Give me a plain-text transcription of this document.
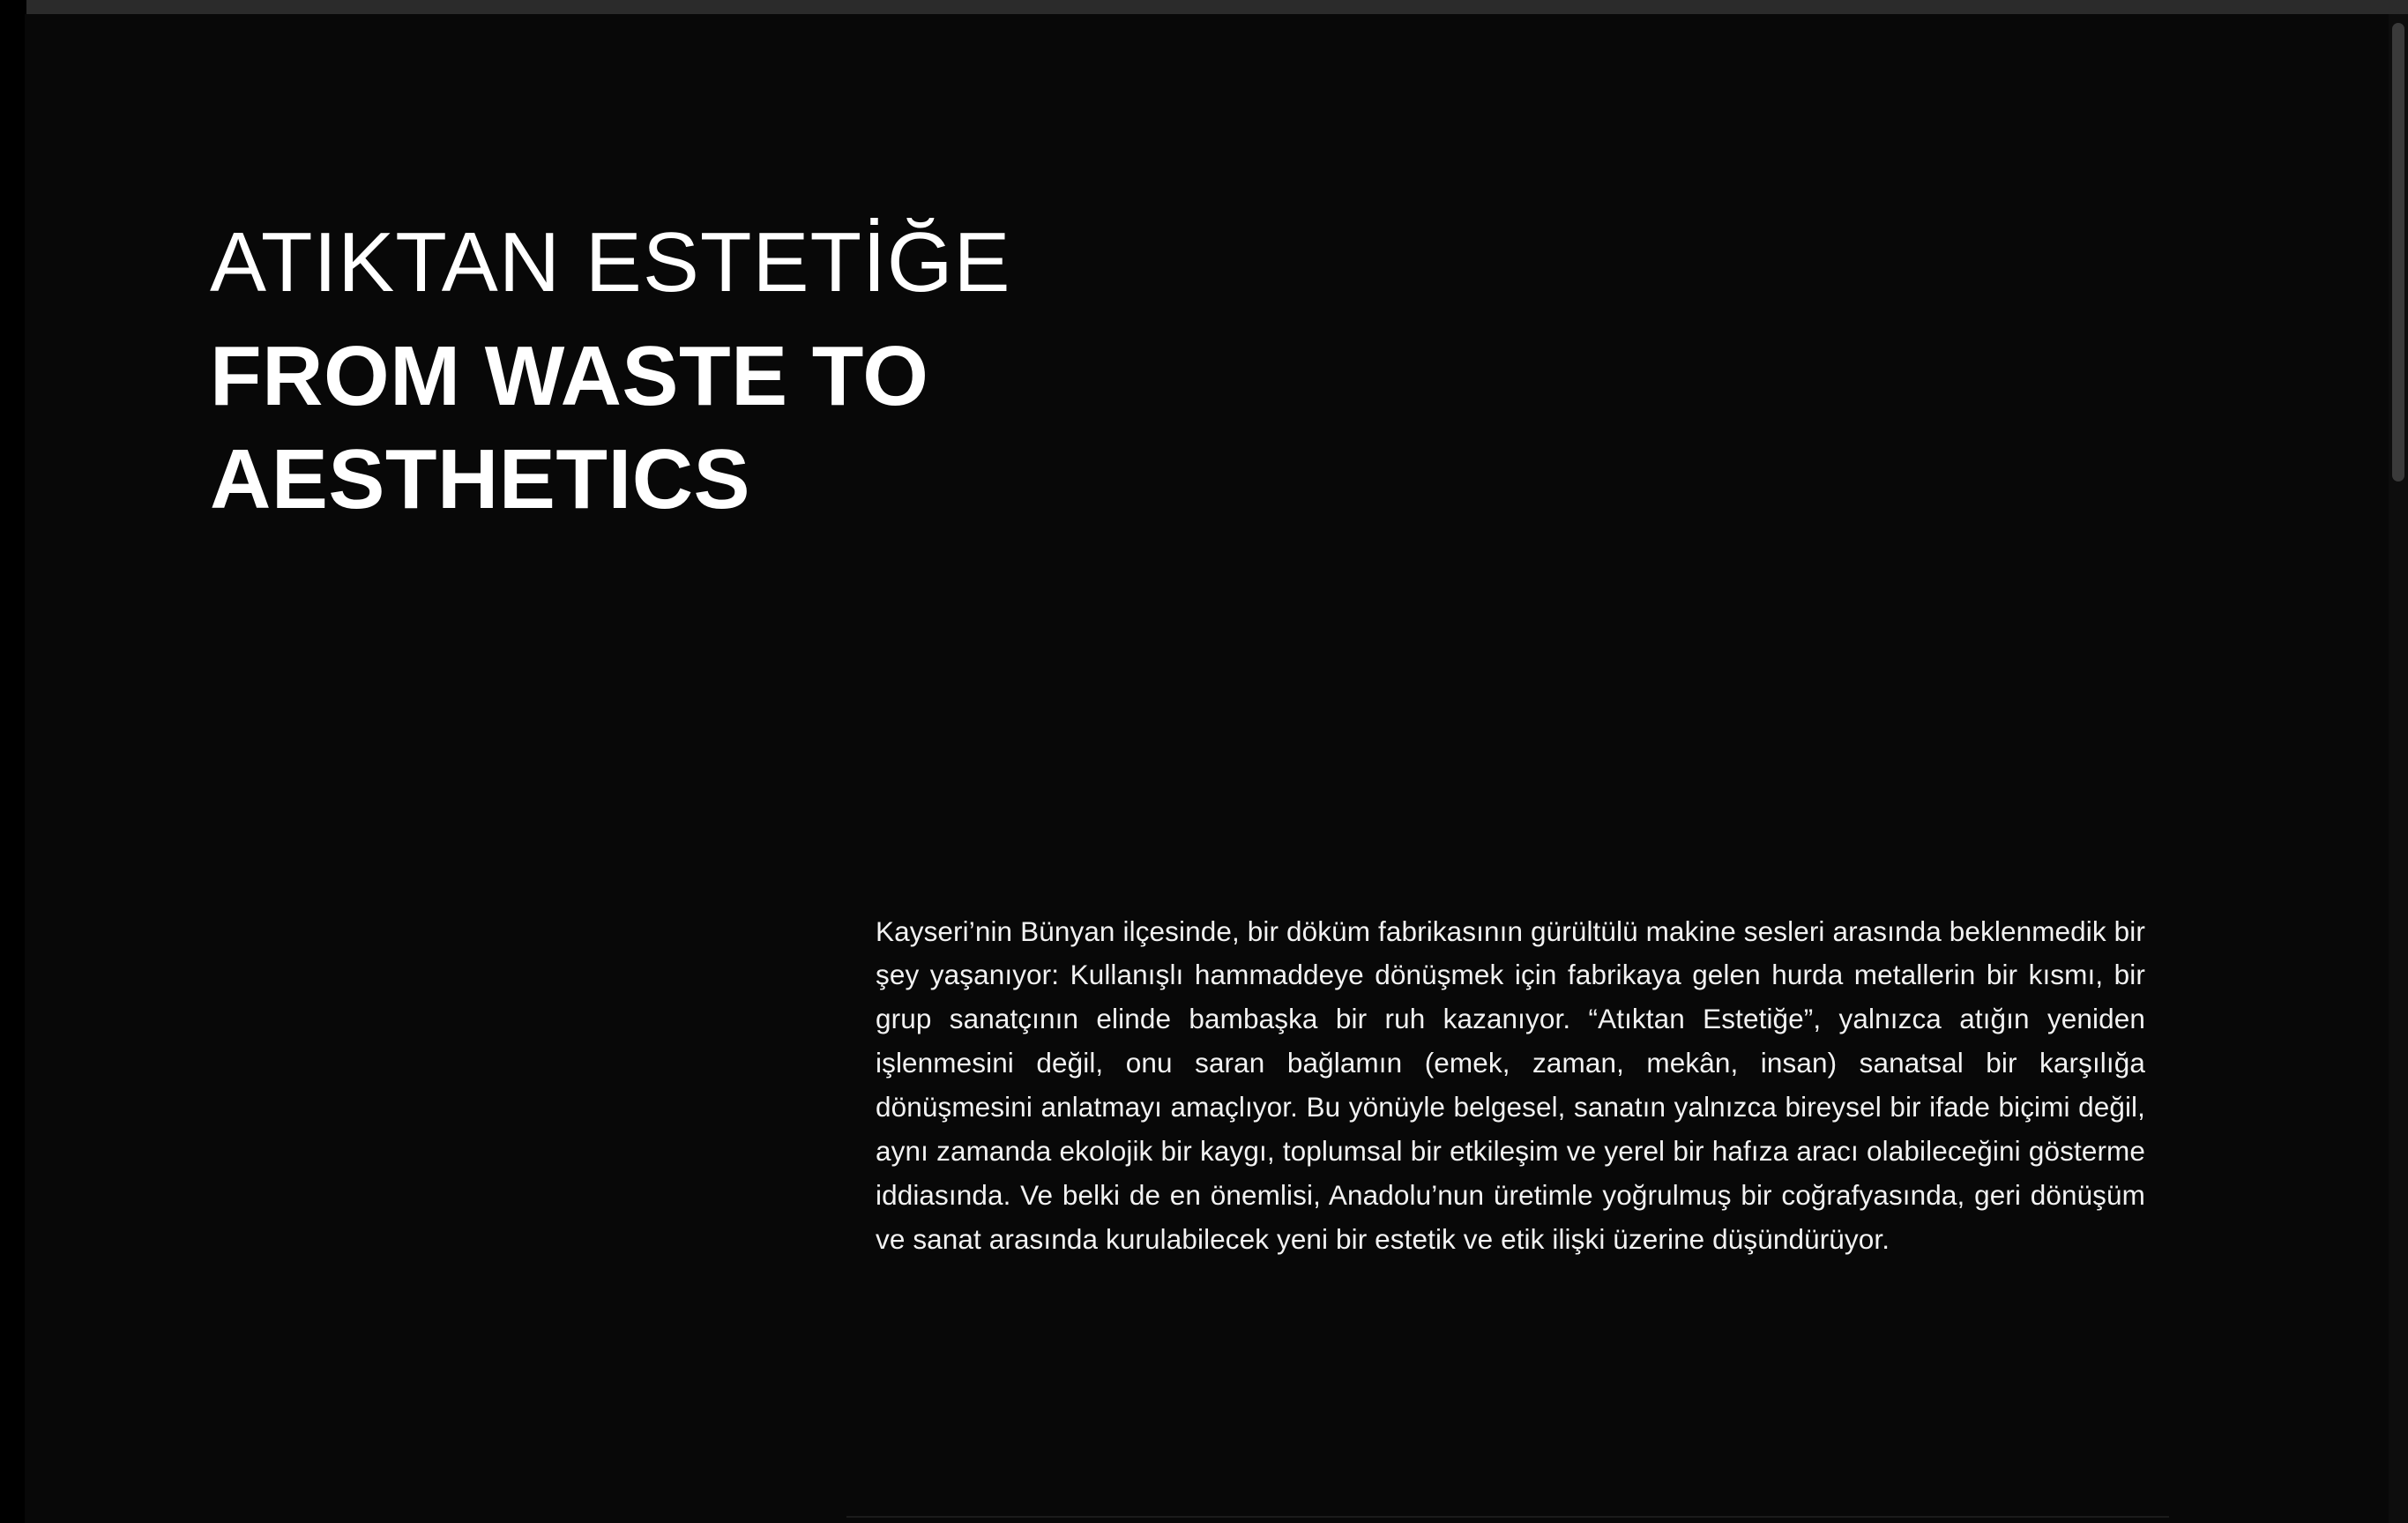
ATIKTAN ESTETİĞE
FROM WASTE TO
AESTHETICS

Kayseri’nin Bünyan ilçesinde, bir döküm fabrikasının gürültülü makine sesleri arasında beklenmedik bir şey yaşanıyor: Kullanışlı hammaddeye dönüşmek için fabrikaya gelen hurda metallerin bir kısmı, bir grup sanatçının elinde bambaşka bir ruh kazanıyor. “Atıktan Estetiğe”, yalnızca atığın yeniden işlenmesini değil, onu saran bağlamın (emek, zaman, mekân, insan) sanatsal bir karşılığa dönüşmesini anlatmayı amaçlıyor. Bu yönüyle belgesel, sanatın yalnızca bireysel bir ifade biçimi değil, aynı zamanda ekolojik bir kaygı, toplumsal bir etkileşim ve yerel bir hafıza aracı olabileceğini gösterme iddiasında. Ve belki de en önemlisi, Anadolu’nun üretimle yoğrulmuş bir coğrafyasında, geri dönüşüm ve sanat arasında kurulabilecek yeni bir estetik ve etik ilişki üzerine düşündürüyor.
